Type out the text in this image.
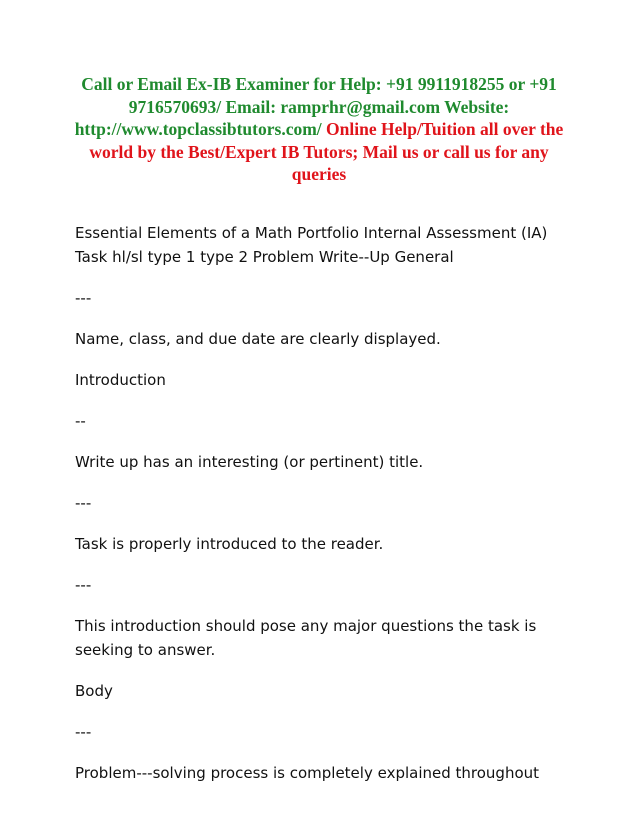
Call or Email Ex-IB Examiner for Help: +91 9911918255 or +91 9716570693/ Email: ramprhr@gmail.com Website: http://www.topclassibtutors.com/ Online Help/Tuition all over the world by the Best/Expert IB Tutors; Mail us or call us for any queries
Essential Elements of a Math Portfolio Internal Assessment (IA)
Task hl/sl type 1 type 2 Problem Write--Up General
---
Name, class, and due date are clearly displayed.
Introduction
--
Write up has an interesting (or pertinent) title.
---
Task is properly introduced to the reader.
---
This introduction should pose any major questions the task is
seeking to answer.
Body
---
Problem---solving process is completely explained throughout
